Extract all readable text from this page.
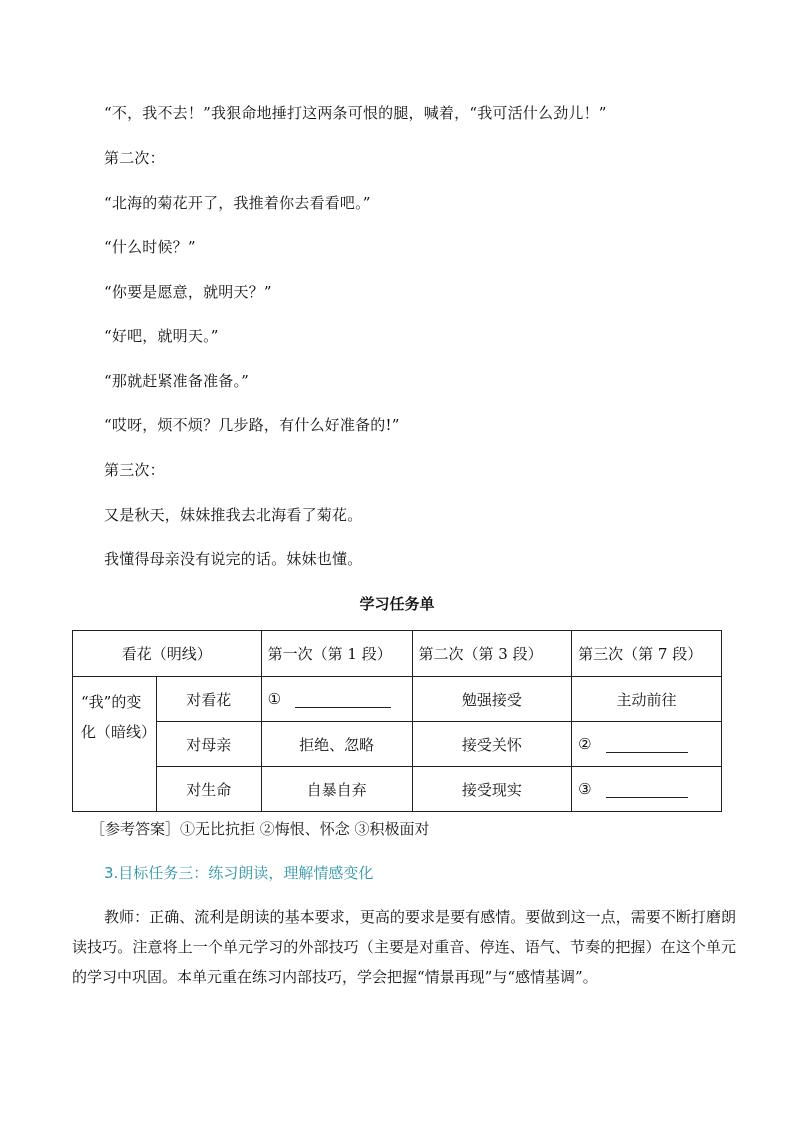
“不，我不去！”我狠命地捶打这两条可恨的腿，喊着，“我可活什么劲儿！”
第二次：
“北海的菊花开了，我推着你去看看吧。”
“什么时候？”
“你要是愿意，就明天？”
“好吧，就明天。”
“那就赶紧准备准备。”
“哎呀，烦不烦？几步路，有什么好准备的!”
第三次：
又是秋天，妹妹推我去北海看了菊花。
我懂得母亲没有说完的话。妹妹也懂。
学习任务单
看花（明线）		第一次（第 1 段）	第二次（第 3 段）	第三次（第 7 段）
“我”的变化（暗线）	对看花	①	勉强接受	主动前往
	对母亲	拒绝、忽略	接受关怀	②
	对生命	自暴自弃	接受现实	③
［参考答案］①无比抗拒 ②悔恨、怀念 ③积极面对
3.目标任务三：练习朗读，理解情感变化
教师：正确、流利是朗读的基本要求，更高的要求是要有感情。要做到这一点，需要不断打磨朗读技巧。注意将上一个单元学习的外部技巧（主要是对重音、停连、语气、节奏的把握）在这个单元的学习中巩固。本单元重在练习内部技巧，学会把握“情景再现”与“感情基调”。
